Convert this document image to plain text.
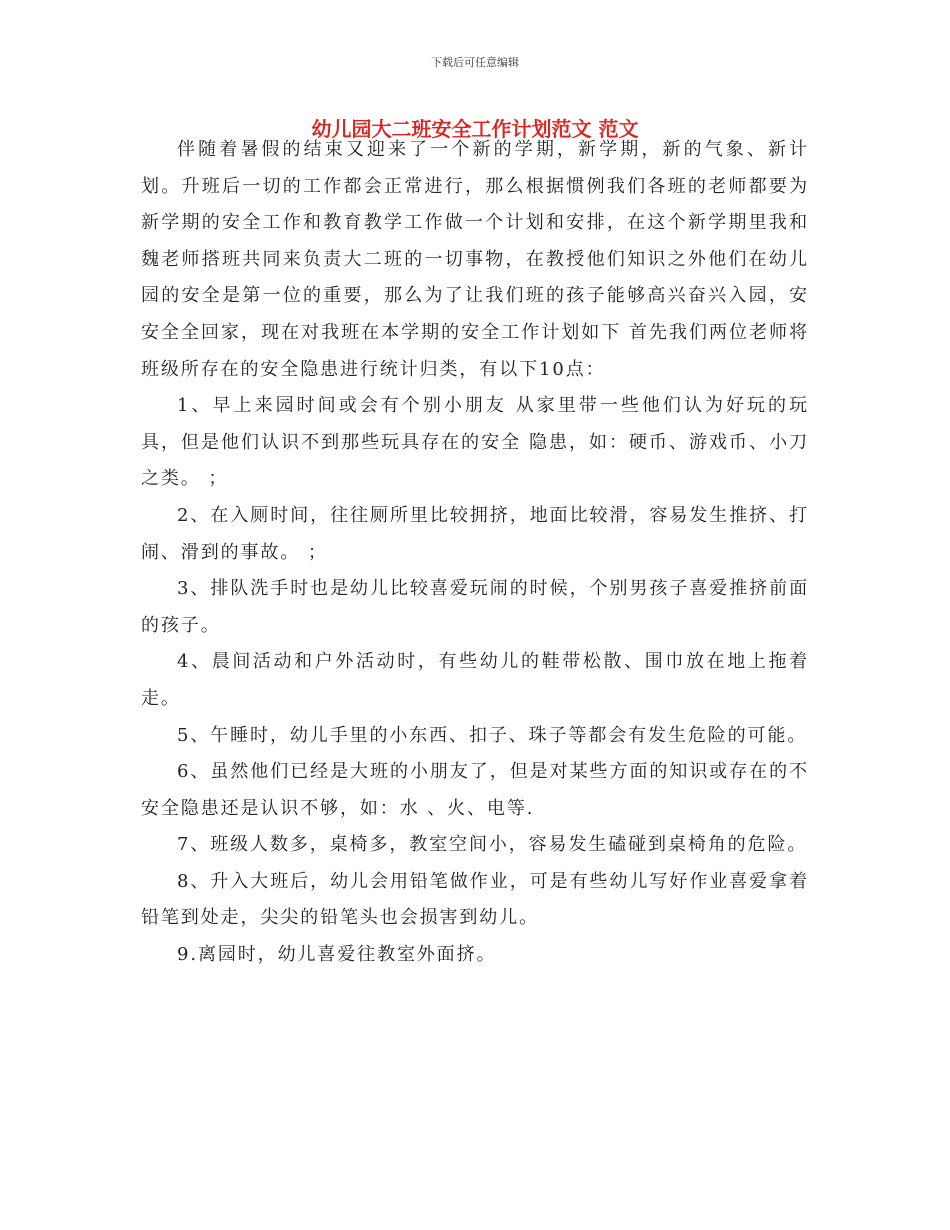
下载后可任意编辑
幼儿园大二班安全工作计划范文 范文

伴随着暑假的结束又迎来了一个新的学期，新学期，新的气象、新计划。升班后一切的工作都会正常进行，那么根据惯例我们各班的老师都要为新学期的安全工作和教育教学工作做一个计划和安排，在这个新学期里我和魏老师搭班共同来负责大二班的一切事物，在教授他们知识之外他们在幼儿园的安全是第一位的重要，那么为了让我们班的孩子能够高兴奋兴入园，安安全全回家，现在对我班在本学期的安全工作计划如下 首先我们两位老师将班级所存在的安全隐患进行统计归类，有以下10点：

1、早上来园时间或会有个别小朋友 从家里带一些他们认为好玩的玩具，但是他们认识不到那些玩具存在的安全 隐患，如：硬币、游戏币、小刀之类。 ；

2、在入厕时间，往往厕所里比较拥挤，地面比较滑，容易发生推挤、打闹、滑到的事故。 ；

3、排队洗手时也是幼儿比较喜爱玩闹的时候，个别男孩子喜爱推挤前面的孩子。

4、晨间活动和户外活动时，有些幼儿的鞋带松散、围巾放在地上拖着走。

5、午睡时，幼儿手里的小东西、扣子、珠子等都会有发生危险的可能。

6、虽然他们已经是大班的小朋友了，但是对某些方面的知识或存在的不安全隐患还是认识不够，如：水 、火、电等.

7、班级人数多，桌椅多，教室空间小，容易发生磕碰到桌椅角的危险。

8、升入大班后，幼儿会用铅笔做作业，可是有些幼儿写好作业喜爱拿着铅笔到处走，尖尖的铅笔头也会损害到幼儿。

9.离园时，幼儿喜爱往教室外面挤。
